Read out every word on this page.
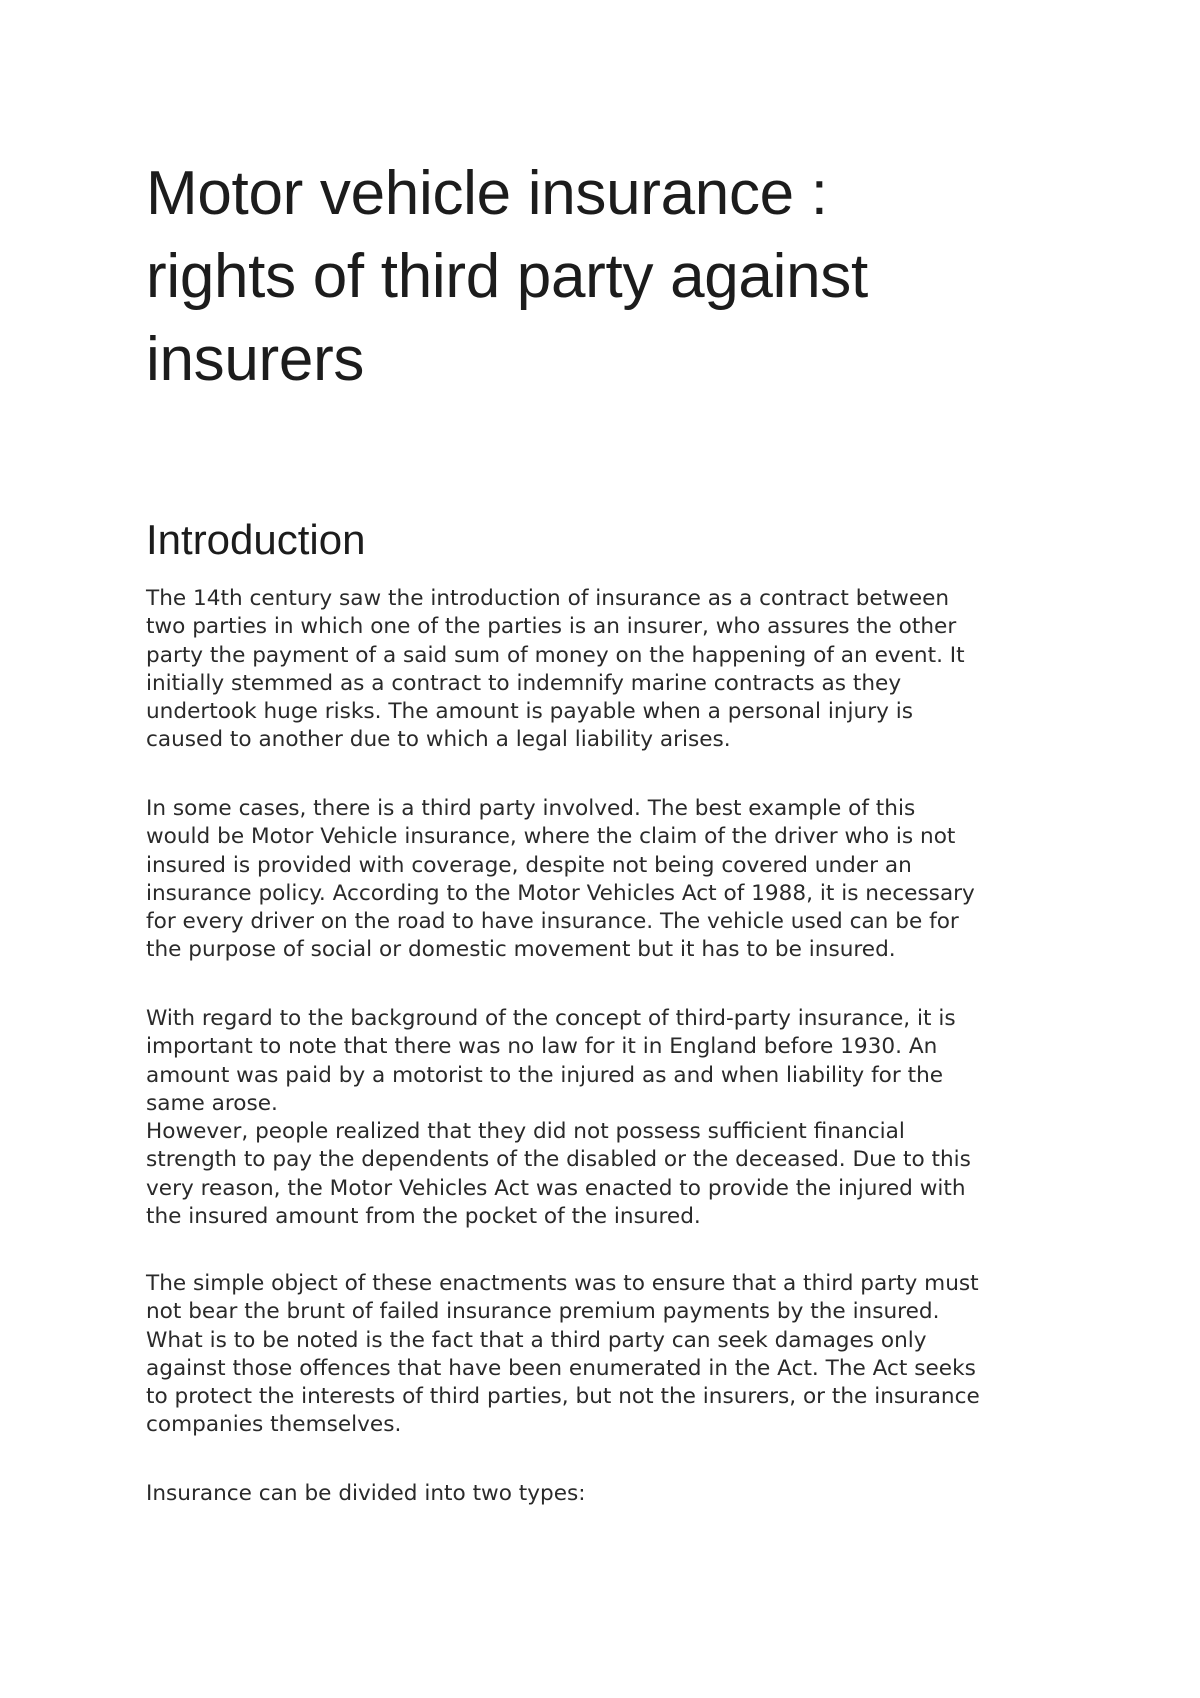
Motor vehicle insurance :
rights of third party against
insurers
Introduction

The 14th century saw the introduction of insurance as a contract between
two parties in which one of the parties is an insurer, who assures the other
party the payment of a said sum of money on the happening of an event. It
initially stemmed as a contract to indemnify marine contracts as they
undertook huge risks. The amount is payable when a personal injury is
caused to another due to which a legal liability arises.

In some cases, there is a third party involved. The best example of this
would be Motor Vehicle insurance, where the claim of the driver who is not
insured is provided with coverage, despite not being covered under an
insurance policy. According to the Motor Vehicles Act of 1988, it is necessary
for every driver on the road to have insurance. The vehicle used can be for
the purpose of social or domestic movement but it has to be insured.

With regard to the background of the concept of third-party insurance, it is
important to note that there was no law for it in England before 1930. An
amount was paid by a motorist to the injured as and when liability for the
same arose.
However, people realized that they did not possess sufficient financial
strength to pay the dependents of the disabled or the deceased. Due to this
very reason, the Motor Vehicles Act was enacted to provide the injured with
the insured amount from the pocket of the insured.

The simple object of these enactments was to ensure that a third party must
not bear the brunt of failed insurance premium payments by the insured.
What is to be noted is the fact that a third party can seek damages only
against those offences that have been enumerated in the Act. The Act seeks
to protect the interests of third parties, but not the insurers, or the insurance
companies themselves.

Insurance can be divided into two types:
